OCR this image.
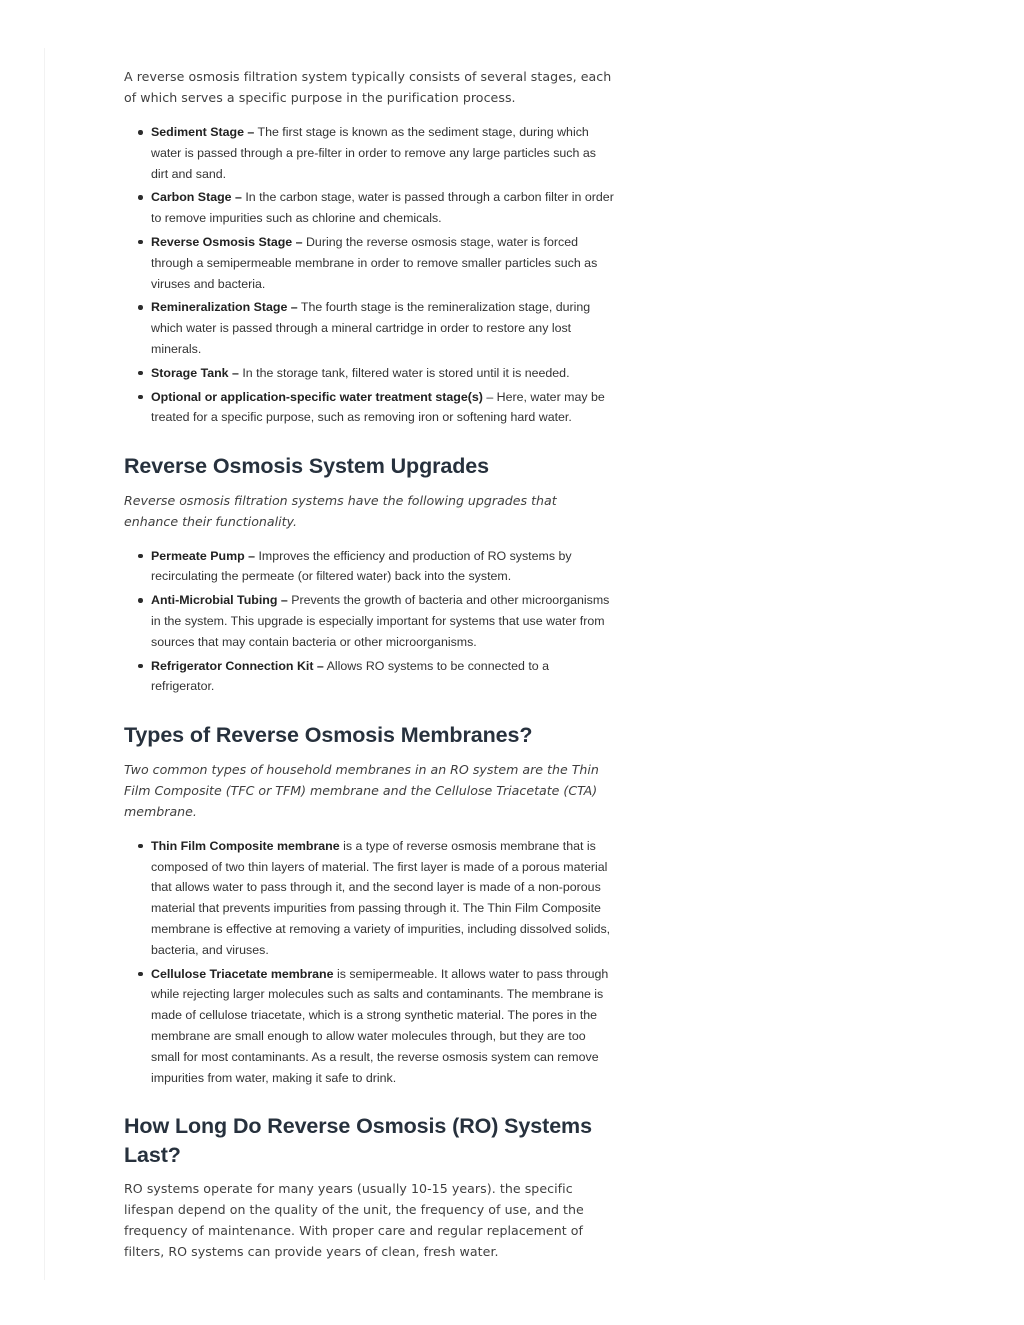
A reverse osmosis filtration system typically consists of several stages, each of which serves a specific purpose in the purification process.

Sediment Stage – The first stage is known as the sediment stage, during which water is passed through a pre-filter in order to remove any large particles such as dirt and sand.
Carbon Stage – In the carbon stage, water is passed through a carbon filter in order to remove impurities such as chlorine and chemicals.
Reverse Osmosis Stage – During the reverse osmosis stage, water is forced through a semipermeable membrane in order to remove smaller particles such as viruses and bacteria.
Remineralization Stage – The fourth stage is the remineralization stage, during which water is passed through a mineral cartridge in order to restore any lost minerals.
Storage Tank – In the storage tank, filtered water is stored until it is needed.
Optional or application-specific water treatment stage(s) – Here, water may be treated for a specific purpose, such as removing iron or softening hard water.
Reverse Osmosis System Upgrades

Reverse osmosis filtration systems have the following upgrades that enhance their functionality.

Permeate Pump – Improves the efficiency and production of RO systems by recirculating the permeate (or filtered water) back into the system.
Anti-Microbial Tubing – Prevents the growth of bacteria and other microorganisms in the system. This upgrade is especially important for systems that use water from sources that may contain bacteria or other microorganisms.
Refrigerator Connection Kit – Allows RO systems to be connected to a refrigerator.
Types of Reverse Osmosis Membranes?

Two common types of household membranes in an RO system are the Thin Film Composite (TFC or TFM) membrane and the Cellulose Triacetate (CTA) membrane.

Thin Film Composite membrane is a type of reverse osmosis membrane that is composed of two thin layers of material. The first layer is made of a porous material that allows water to pass through it, and the second layer is made of a non-porous material that prevents impurities from passing through it. The Thin Film Composite membrane is effective at removing a variety of impurities, including dissolved solids, bacteria, and viruses.
Cellulose Triacetate membrane is semipermeable. It allows water to pass through while rejecting larger molecules such as salts and contaminants. The membrane is made of cellulose triacetate, which is a strong synthetic material. The pores in the membrane are small enough to allow water molecules through, but they are too small for most contaminants. As a result, the reverse osmosis system can remove impurities from water, making it safe to drink.
How Long Do Reverse Osmosis (RO) Systems Last?

RO systems operate for many years (usually 10-15 years). the specific lifespan depend on the quality of the unit, the frequency of use, and the frequency of maintenance. With proper care and regular replacement of filters, RO systems can provide years of clean, fresh water.
